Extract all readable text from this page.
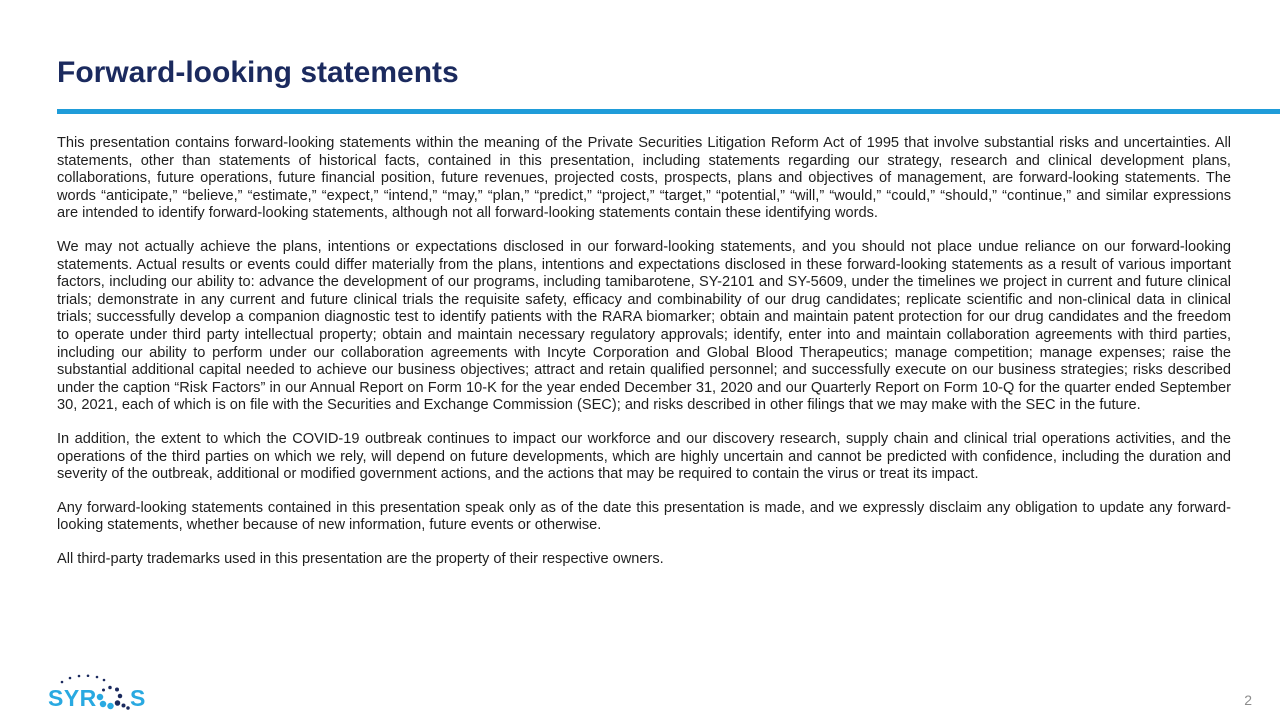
Forward-looking statements

This presentation contains forward-looking statements within the meaning of the Private Securities Litigation Reform Act of 1995 that involve substantial risks and uncertainties. All statements, other than statements of historical facts, contained in this presentation, including statements regarding our strategy, research and clinical development plans, collaborations, future operations, future financial position, future revenues, projected costs, prospects, plans and objectives of management, are forward-looking statements. The words “anticipate,” “believe,” “estimate,” “expect,” “intend,” “may,” “plan,” “predict,” “project,” “target,” “potential,” “will,” “would,” “could,” “should,” “continue,” and similar expressions are intended to identify forward-looking statements, although not all forward-looking statements contain these identifying words.

We may not actually achieve the plans, intentions or expectations disclosed in our forward-looking statements, and you should not place undue reliance on our forward-looking statements. Actual results or events could differ materially from the plans, intentions and expectations disclosed in these forward-looking statements as a result of various important factors, including our ability to: advance the development of our programs, including tamibarotene, SY-2101 and SY-5609, under the timelines we project in current and future clinical trials; demonstrate in any current and future clinical trials the requisite safety, efficacy and combinability of our drug candidates; replicate scientific and non-clinical data in clinical trials; successfully develop a companion diagnostic test to identify patients with the RARA biomarker; obtain and maintain patent protection for our drug candidates and the freedom to operate under third party intellectual property; obtain and maintain necessary regulatory approvals; identify, enter into and maintain collaboration agreements with third parties, including our ability to perform under our collaboration agreements with Incyte Corporation and Global Blood Therapeutics; manage competition; manage expenses; raise the substantial additional capital needed to achieve our business objectives; attract and retain qualified personnel; and successfully execute on our business strategies; risks described under the caption “Risk Factors” in our Annual Report on Form 10-K for the year ended December 31, 2020 and our Quarterly Report on Form 10-Q for the quarter ended September 30, 2021, each of which is on file with the Securities and Exchange Commission (SEC); and risks described in other filings that we may make with the SEC in the future.

In addition, the extent to which the COVID-19 outbreak continues to impact our workforce and our discovery research, supply chain and clinical trial operations activities, and the operations of the third parties on which we rely, will depend on future developments, which are highly uncertain and cannot be predicted with confidence, including the duration and severity of the outbreak, additional or modified government actions, and the actions that may be required to contain the virus or treat its impact.

Any forward-looking statements contained in this presentation speak only as of the date this presentation is made, and we expressly disclaim any obligation to update any forward-looking statements, whether because of new information, future events or otherwise.

All third-party trademarks used in this presentation are the property of their respective owners.

SYR S	2
